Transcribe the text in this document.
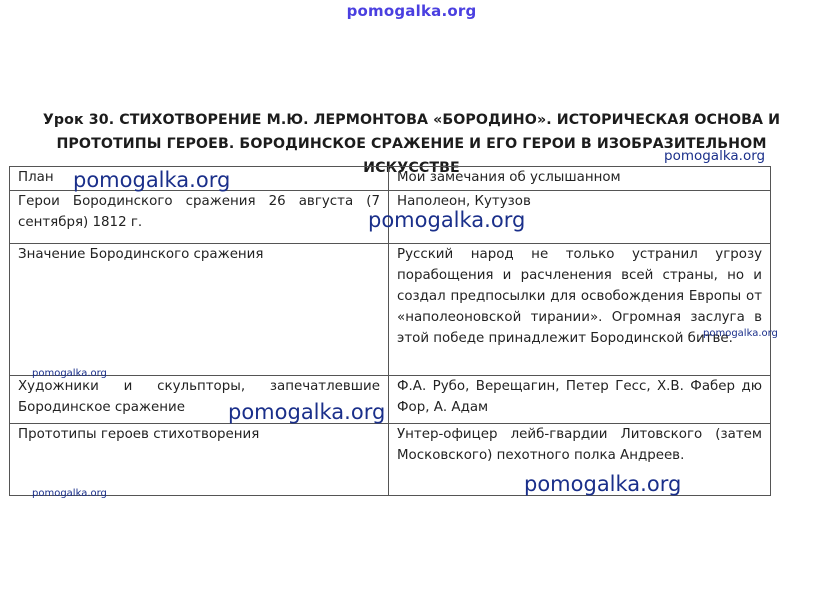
pomogalka.org
Урок 30. СТИХОТВОРЕНИЕ М.Ю. ЛЕРМОНТОВА «БОРОДИНО». ИСТОРИЧЕСКАЯ ОСНОВА И ПРОТОТИПЫ ГЕРОЕВ. БОРОДИНСКОЕ СРАЖЕНИЕ И ЕГО ГЕРОИ В ИЗОБРАЗИТЕЛЬНОМ ИСКУССТВЕ
План	Мои замечания об услышанном
Герои Бородинского сражения 26 августа (7 сентября) 1812 г.	Наполеон, Кутузов
Значение Бородинского сражения	Русский народ не только устранил угрозу порабощения и расчленения всей страны, но и создал предпосылки для освобождения Европы от «наполеоновской тирании». Огромная заслуга в этой победе принадлежит Бородинской битве.
Художники и скульпторы, запечатлевшие Бородинское сражение	Ф.А. Рубо, Верещагин, Петер Гесс, Х.В. Фабер дю Фор, А. Адам
Прототипы героев стихотворения	Унтер-офицер лейб-гвардии Литовского (затем Московского) пехотного полка Андреев.
pomogalka.org
pomogalka.org
pomogalka.org
pomogalka.org
pomogalka.org
pomogalka.org
pomogalka.org
pomogalka.org
